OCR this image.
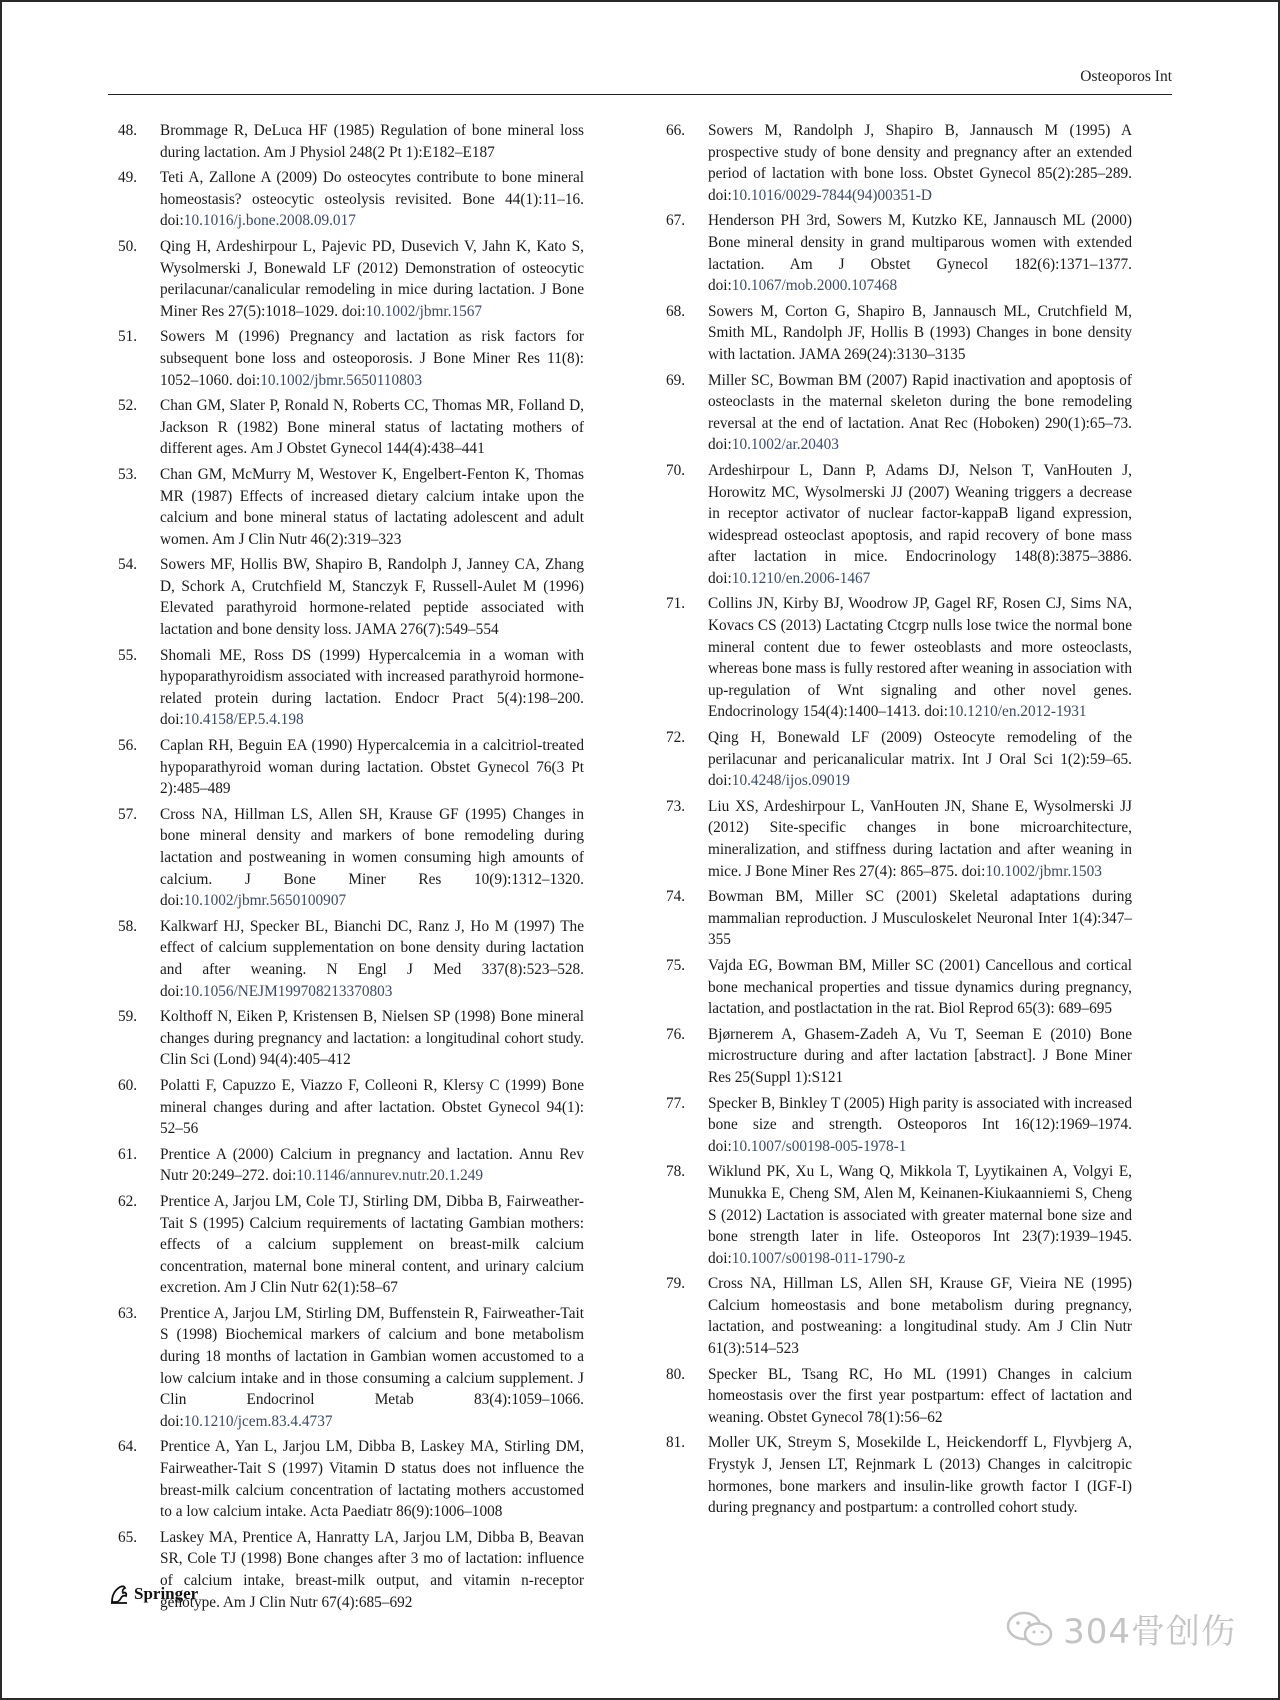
Osteoporos Int
48.	Brommage R, DeLuca HF (1985) Regulation of bone mineral loss during lactation. Am J Physiol 248(2 Pt 1):E182–E187
49.	Teti A, Zallone A (2009) Do osteocytes contribute to bone mineral homeostasis? osteocytic osteolysis revisited. Bone 44(1):11–16. doi:10.1016/j.bone.2008.09.017
50.	Qing H, Ardeshirpour L, Pajevic PD, Dusevich V, Jahn K, Kato S, Wysolmerski J, Bonewald LF (2012) Demonstration of osteocytic perilacunar/canalicular remodeling in mice during lactation. J Bone Miner Res 27(5):1018–1029. doi:10.1002/jbmr.1567
51.	Sowers M (1996) Pregnancy and lactation as risk factors for subsequent bone loss and osteoporosis. J Bone Miner Res 11(8): 1052–1060. doi:10.1002/jbmr.5650110803
52.	Chan GM, Slater P, Ronald N, Roberts CC, Thomas MR, Folland D, Jackson R (1982) Bone mineral status of lactating mothers of different ages. Am J Obstet Gynecol 144(4):438–441
53.	Chan GM, McMurry M, Westover K, Engelbert-Fenton K, Thomas MR (1987) Effects of increased dietary calcium intake upon the calcium and bone mineral status of lactating adolescent and adult women. Am J Clin Nutr 46(2):319–323
54.	Sowers MF, Hollis BW, Shapiro B, Randolph J, Janney CA, Zhang D, Schork A, Crutchfield M, Stanczyk F, Russell-Aulet M (1996) Elevated parathyroid hormone-related peptide associated with lactation and bone density loss. JAMA 276(7):549–554
55.	Shomali ME, Ross DS (1999) Hypercalcemia in a woman with hypoparathyroidism associated with increased parathyroid hormone-related protein during lactation. Endocr Pract 5(4):198–200. doi:10.4158/EP.5.4.198
56.	Caplan RH, Beguin EA (1990) Hypercalcemia in a calcitriol-treated hypoparathyroid woman during lactation. Obstet Gynecol 76(3 Pt 2):485–489
57.	Cross NA, Hillman LS, Allen SH, Krause GF (1995) Changes in bone mineral density and markers of bone remodeling during lactation and postweaning in women consuming high amounts of calcium. J Bone Miner Res 10(9):1312–1320. doi:10.1002/jbmr.5650100907
58.	Kalkwarf HJ, Specker BL, Bianchi DC, Ranz J, Ho M (1997) The effect of calcium supplementation on bone density during lactation and after weaning. N Engl J Med 337(8):523–528. doi:10.1056/NEJM199708213370803
59.	Kolthoff N, Eiken P, Kristensen B, Nielsen SP (1998) Bone mineral changes during pregnancy and lactation: a longitudinal cohort study. Clin Sci (Lond) 94(4):405–412
60.	Polatti F, Capuzzo E, Viazzo F, Colleoni R, Klersy C (1999) Bone mineral changes during and after lactation. Obstet Gynecol 94(1): 52–56
61.	Prentice A (2000) Calcium in pregnancy and lactation. Annu Rev Nutr 20:249–272. doi:10.1146/annurev.nutr.20.1.249
62.	Prentice A, Jarjou LM, Cole TJ, Stirling DM, Dibba B, Fairweather-Tait S (1995) Calcium requirements of lactating Gambian mothers: effects of a calcium supplement on breast-milk calcium concentration, maternal bone mineral content, and urinary calcium excretion. Am J Clin Nutr 62(1):58–67
63.	Prentice A, Jarjou LM, Stirling DM, Buffenstein R, Fairweather-Tait S (1998) Biochemical markers of calcium and bone metabolism during 18 months of lactation in Gambian women accustomed to a low calcium intake and in those consuming a calcium supplement. J Clin Endocrinol Metab 83(4):1059–1066. doi:10.1210/jcem.83.4.4737
64.	Prentice A, Yan L, Jarjou LM, Dibba B, Laskey MA, Stirling DM, Fairweather-Tait S (1997) Vitamin D status does not influence the breast-milk calcium concentration of lactating mothers accustomed to a low calcium intake. Acta Paediatr 86(9):1006–1008
65.	Laskey MA, Prentice A, Hanratty LA, Jarjou LM, Dibba B, Beavan SR, Cole TJ (1998) Bone changes after 3 mo of lactation: influence of calcium intake, breast-milk output, and vitamin n-receptor genotype. Am J Clin Nutr 67(4):685–692
66.	Sowers M, Randolph J, Shapiro B, Jannausch M (1995) A prospective study of bone density and pregnancy after an extended period of lactation with bone loss. Obstet Gynecol 85(2):285–289. doi:10.1016/0029-7844(94)00351-D
67.	Henderson PH 3rd, Sowers M, Kutzko KE, Jannausch ML (2000) Bone mineral density in grand multiparous women with extended lactation. Am J Obstet Gynecol 182(6):1371–1377. doi:10.1067/mob.2000.107468
68.	Sowers M, Corton G, Shapiro B, Jannausch ML, Crutchfield M, Smith ML, Randolph JF, Hollis B (1993) Changes in bone density with lactation. JAMA 269(24):3130–3135
69.	Miller SC, Bowman BM (2007) Rapid inactivation and apoptosis of osteoclasts in the maternal skeleton during the bone remodeling reversal at the end of lactation. Anat Rec (Hoboken) 290(1):65–73. doi:10.1002/ar.20403
70.	Ardeshirpour L, Dann P, Adams DJ, Nelson T, VanHouten J, Horowitz MC, Wysolmerski JJ (2007) Weaning triggers a decrease in receptor activator of nuclear factor-kappaB ligand expression, widespread osteoclast apoptosis, and rapid recovery of bone mass after lactation in mice. Endocrinology 148(8):3875–3886. doi:10.1210/en.2006-1467
71.	Collins JN, Kirby BJ, Woodrow JP, Gagel RF, Rosen CJ, Sims NA, Kovacs CS (2013) Lactating Ctcgrp nulls lose twice the normal bone mineral content due to fewer osteoblasts and more osteoclasts, whereas bone mass is fully restored after weaning in association with up-regulation of Wnt signaling and other novel genes. Endocrinology 154(4):1400–1413. doi:10.1210/en.2012-1931
72.	Qing H, Bonewald LF (2009) Osteocyte remodeling of the perilacunar and pericanalicular matrix. Int J Oral Sci 1(2):59–65. doi:10.4248/ijos.09019
73.	Liu XS, Ardeshirpour L, VanHouten JN, Shane E, Wysolmerski JJ (2012) Site-specific changes in bone microarchitecture, mineralization, and stiffness during lactation and after weaning in mice. J Bone Miner Res 27(4): 865–875. doi:10.1002/jbmr.1503
74.	Bowman BM, Miller SC (2001) Skeletal adaptations during mammalian reproduction. J Musculoskelet Neuronal Inter 1(4):347–355
75.	Vajda EG, Bowman BM, Miller SC (2001) Cancellous and cortical bone mechanical properties and tissue dynamics during pregnancy, lactation, and postlactation in the rat. Biol Reprod 65(3): 689–695
76.	Bjørnerem A, Ghasem-Zadeh A, Vu T, Seeman E (2010) Bone microstructure during and after lactation [abstract]. J Bone Miner Res 25(Suppl 1):S121
77.	Specker B, Binkley T (2005) High parity is associated with increased bone size and strength. Osteoporos Int 16(12):1969–1974. doi:10.1007/s00198-005-1978-1
78.	Wiklund PK, Xu L, Wang Q, Mikkola T, Lyytikainen A, Volgyi E, Munukka E, Cheng SM, Alen M, Keinanen-Kiukaanniemi S, Cheng S (2012) Lactation is associated with greater maternal bone size and bone strength later in life. Osteoporos Int 23(7):1939–1945. doi:10.1007/s00198-011-1790-z
79.	Cross NA, Hillman LS, Allen SH, Krause GF, Vieira NE (1995) Calcium homeostasis and bone metabolism during pregnancy, lactation, and postweaning: a longitudinal study. Am J Clin Nutr 61(3):514–523
80.	Specker BL, Tsang RC, Ho ML (1991) Changes in calcium homeostasis over the first year postpartum: effect of lactation and weaning. Obstet Gynecol 78(1):56–62
81.	Moller UK, Streym S, Mosekilde L, Heickendorff L, Flyvbjerg A, Frystyk J, Jensen LT, Rejnmark L (2013) Changes in calcitropic hormones, bone markers and insulin-like growth factor I (IGF-I) during pregnancy and postpartum: a controlled cohort study.
Springer
304骨创伤
